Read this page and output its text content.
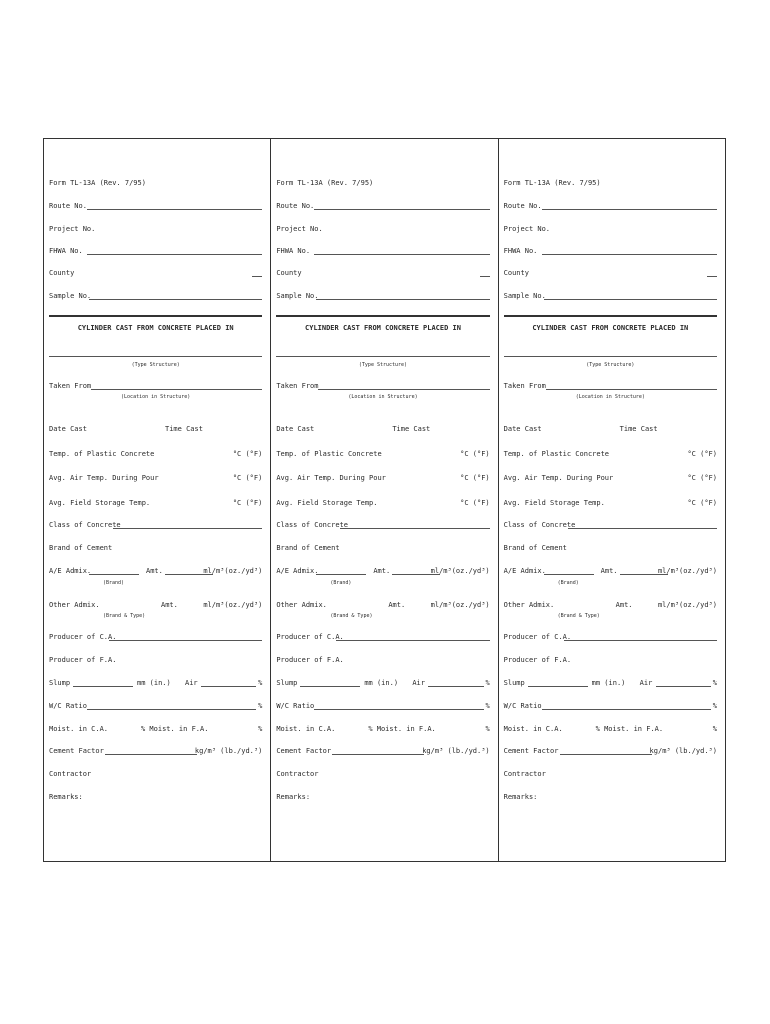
Form TL-13A (Rev. 7/95)
Route No.
Project No.
FHWA No.
County
Sample No.
CYLINDER CAST FROM CONCRETE PLACED IN
(Type Structure)
Taken From
(Location in Structure)
Date Cast	Time Cast
Temp. of Plastic Concrete	°C (°F)
Avg. Air Temp. During Pour	°C (°F)
Avg. Field Storage Temp.	°C (°F)
Class of Concrete
Brand of Cement
A/E Admix.	Amt.	ml/m³(oz./yd³)
(Brand)
Other Admix.	Amt.	ml/m³(oz./yd³)
(Brand & Type)
Producer of C.A.
Producer of F.A.
Slump	mm (in.) Air	%
W/C Ratio	%
Moist. in C.A.	% Moist. in F.A.	%
Cement Factor	kg/m³ (lb./yd.³)
Contractor
Remarks:
Form TL-13A (Rev. 7/95)
Route No.
Project No.
FHWA No.
County
Sample No.
CYLINDER CAST FROM CONCRETE PLACED IN
(Type Structure)
Taken From
(Location in Structure)
Date Cast	Time Cast
Temp. of Plastic Concrete	°C (°F)
Avg. Air Temp. During Pour	°C (°F)
Avg. Field Storage Temp.	°C (°F)
Class of Concrete
Brand of Cement
A/E Admix.	Amt.	ml/m³(oz./yd³)
(Brand)
Other Admix.	Amt.	ml/m³(oz./yd³)
(Brand & Type)
Producer of C.A.
Producer of F.A.
Slump	mm (in.) Air	%
W/C Ratio	%
Moist. in C.A.	% Moist. in F.A.	%
Cement Factor	kg/m³ (lb./yd.³)
Contractor
Remarks:
Form TL-13A (Rev. 7/95)
Route No.
Project No.
FHWA No.
County
Sample No.
CYLINDER CAST FROM CONCRETE PLACED IN
(Type Structure)
Taken From
(Location in Structure)
Date Cast	Time Cast
Temp. of Plastic Concrete	°C (°F)
Avg. Air Temp. During Pour	°C (°F)
Avg. Field Storage Temp.	°C (°F)
Class of Concrete
Brand of Cement
A/E Admix.	Amt.	ml/m³(oz./yd³)
(Brand)
Other Admix.	Amt.	ml/m³(oz./yd³)
(Brand & Type)
Producer of C.A.
Producer of F.A.
Slump	mm (in.) Air	%
W/C Ratio	%
Moist. in C.A.	% Moist. in F.A.	%
Cement Factor	kg/m³ (lb./yd.³)
Contractor
Remarks:
